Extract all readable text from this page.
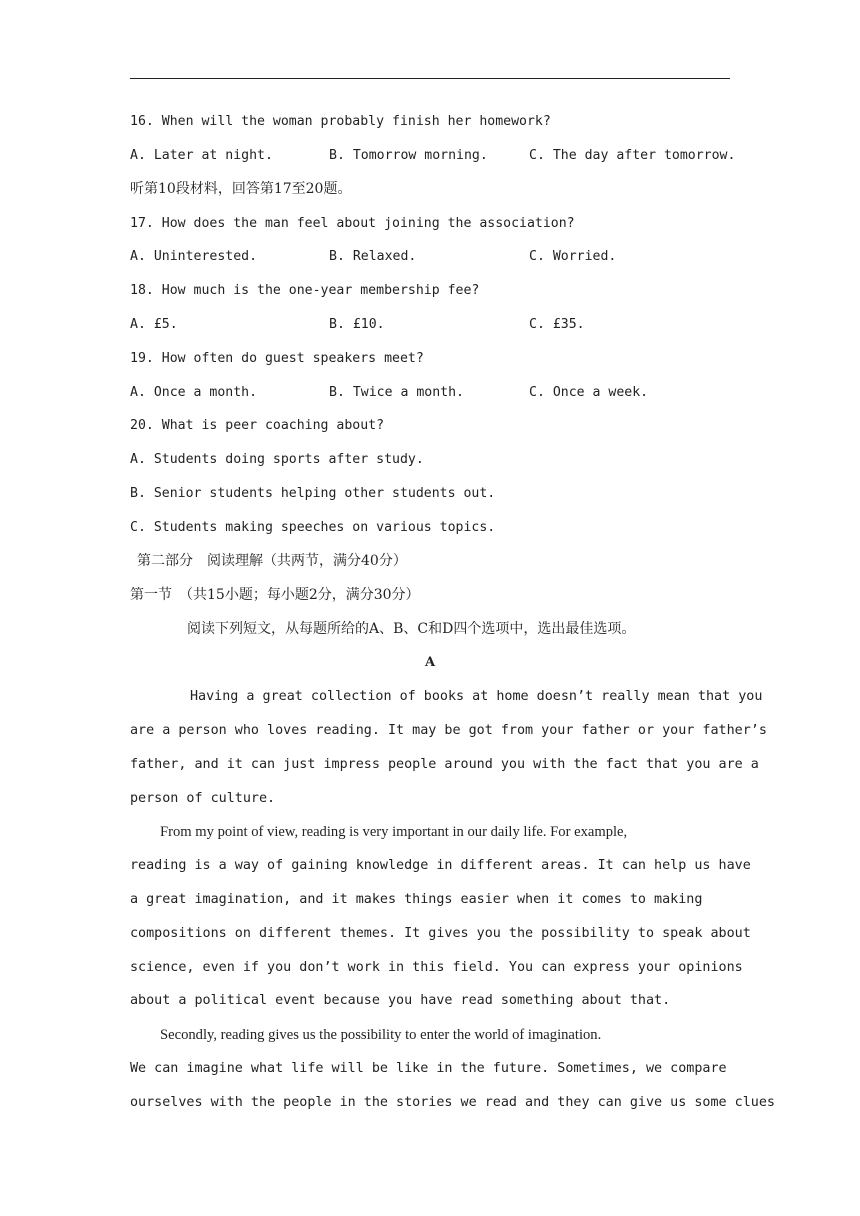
16. When will the woman probably finish her homework?
A. Later at night.	B. Tomorrow morning.	C. The day after tomorrow.
听第10段材料，回答第17至20题。
17. How does the man feel about joining the association?
A. Uninterested.	B. Relaxed.	C. Worried.
18. How much is the one-year membership fee?
A. £5.	B. £10.	C. £35.
19. How often do guest speakers meet?
A. Once a month.	B. Twice a month.	C. Once a week.
20. What is peer coaching about?
A. Students doing sports after study.
B. Senior students helping other students out.
C. Students making speeches on various topics.
第二部分　阅读理解（共两节，满分40分）
第一节　（共15小题；每小题2分，满分30分）
阅读下列短文，从每题所给的A、B、C和D四个选项中，选出最佳选项。
A
Having a great collection of books at home doesn’t really mean that you
are a person who loves reading. It may be got from your father or your father’s
father, and it can just impress people around you with the fact that you are a
person of culture.
From my point of view, reading is very important in our daily life. For example,
reading is a way of gaining knowledge in different areas. It can help us have
a great imagination, and it makes things easier when it comes to making
compositions on different themes. It gives you the possibility to speak about
science, even if you don’t work in this field. You can express your opinions
about a political event because you have read something about that.
Secondly, reading gives us the possibility to enter the world of imagination.
We can imagine what life will be like in the future. Sometimes, we compare
ourselves with the people in the stories we read and they can give us some clues
